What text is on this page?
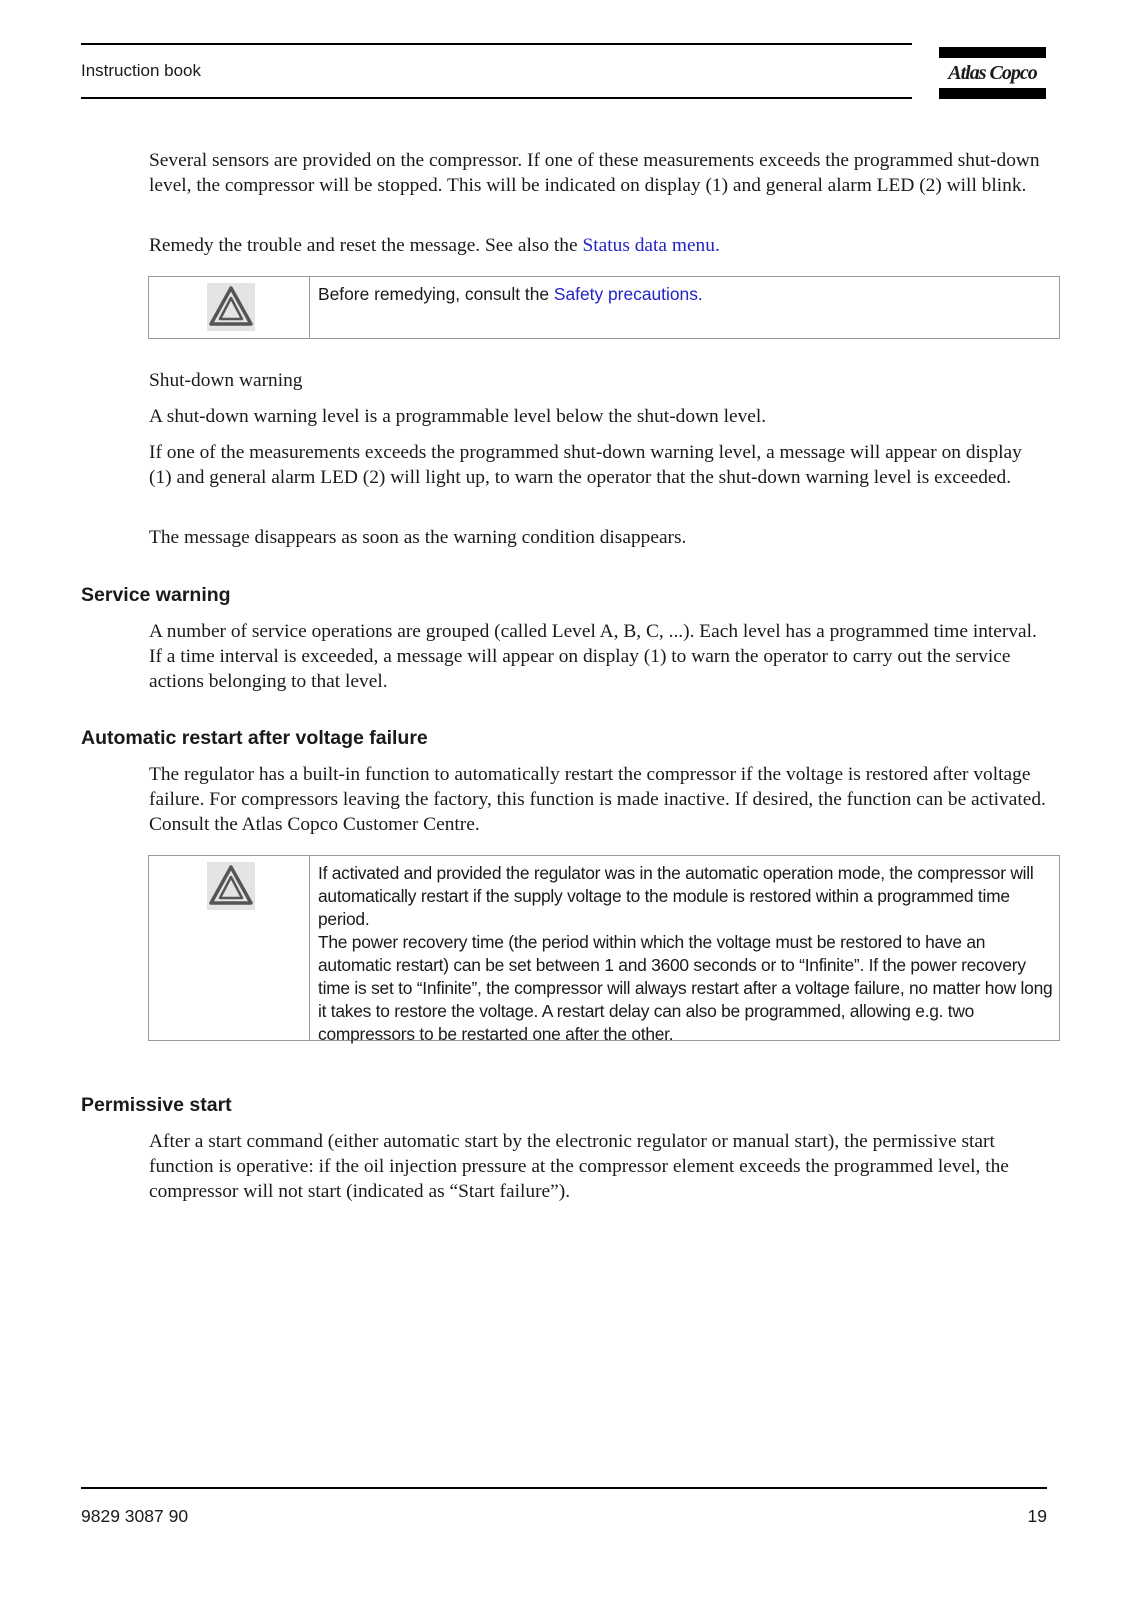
Instruction book	Atlas Copco

Several sensors are provided on the compressor. If one of these measurements exceeds the programmed shut-down level, the compressor will be stopped. This will be indicated on display (1) and general alarm LED (2) will blink.

Remedy the trouble and reset the message. See also the Status data menu.

Before remedying, consult the Safety precautions.
Shut-down warning
A shut-down warning level is a programmable level below the shut-down level.
If one of the measurements exceeds the programmed shut-down warning level, a message will appear on display (1) and general alarm LED (2) will light up, to warn the operator that the shut-down warning level is exceeded.
The message disappears as soon as the warning condition disappears.
Service warning
A number of service operations are grouped (called Level A, B, C, ...). Each level has a programmed time interval. If a time interval is exceeded, a message will appear on display (1) to warn the operator to carry out the service actions belonging to that level.
Automatic restart after voltage failure
The regulator has a built-in function to automatically restart the compressor if the voltage is restored after voltage failure. For compressors leaving the factory, this function is made inactive. If desired, the function can be activated. Consult the Atlas Copco Customer Centre.
If activated and provided the regulator was in the automatic operation mode, the compressor will automatically restart if the supply voltage to the module is restored within a programmed time period.
The power recovery time (the period within which the voltage must be restored to have an automatic restart) can be set between 1 and 3600 seconds or to “Infinite”. If the power recovery time is set to “Infinite”, the compressor will always restart after a voltage failure, no matter how long it takes to restore the voltage. A restart delay can also be programmed, allowing e.g. two compressors to be restarted one after the other.
Permissive start
After a start command (either automatic start by the electronic regulator or manual start), the permissive start function is operative: if the oil injection pressure at the compressor element exceeds the programmed level, the compressor will not start (indicated as “Start failure”).
9829 3087 90	19
